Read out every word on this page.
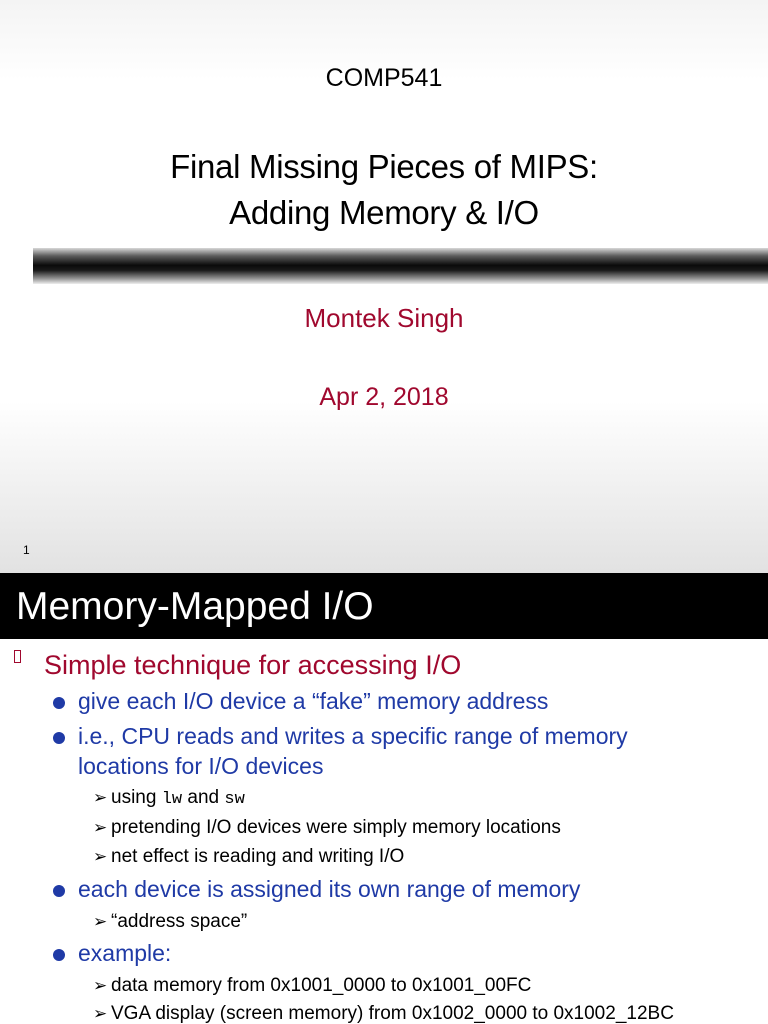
COMP541
Final Missing Pieces of MIPS:
Adding Memory & I/O
Montek Singh
Apr 2, 2018
1
Memory-Mapped I/O
Simple technique for accessing I/O
give each I/O device a “fake” memory address
i.e., CPU reads and writes a specific range of memory
locations for I/O devices
➢ using lw and sw
➢ pretending I/O devices were simply memory locations
➢ net effect is reading and writing I/O
each device is assigned its own range of memory
➢ “address space”
example:
➢ data memory from 0x1001_0000 to 0x1001_00FC
➢ VGA display (screen memory) from 0x1002_0000 to 0x1002_12BC
